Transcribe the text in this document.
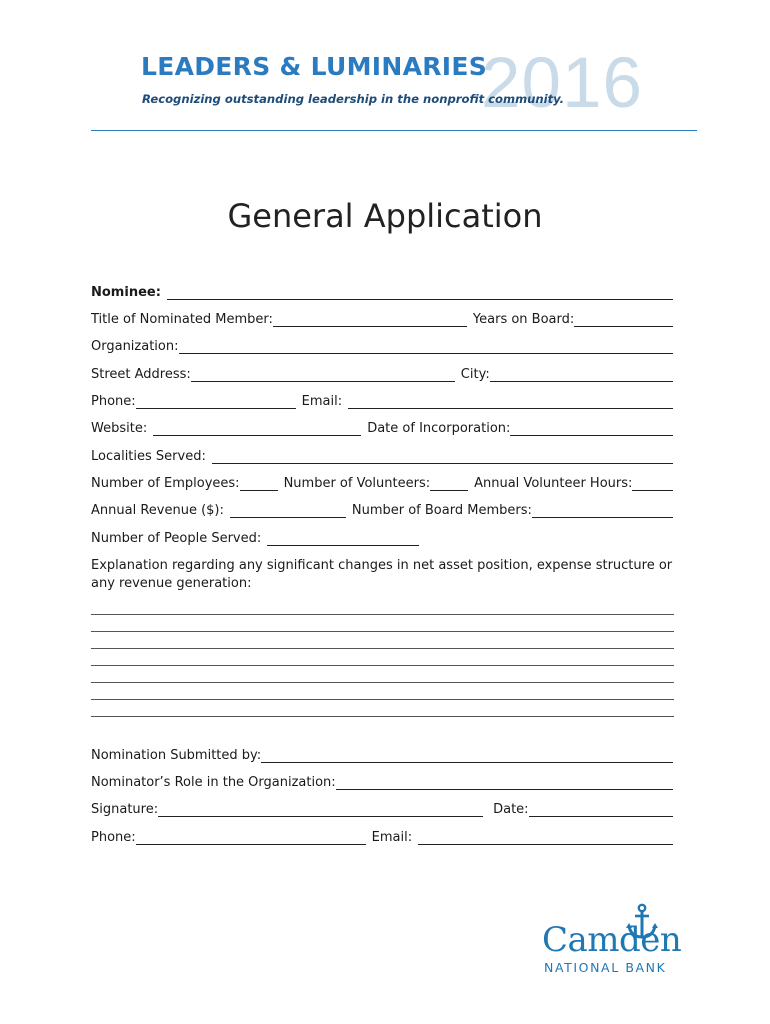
2016
LEADERS & LUMINARIES
Recognizing outstanding leadership in the nonprofit community.
General Application
Nominee:
Title of Nominated Member:	Years on Board:
Organization:
Street Address:	City:
Phone:	Email:
Website:	Date of Incorporation:
Localities Served:
Number of Employees:	Number of Volunteers:	Annual Volunteer Hours:
Annual Revenue ($):	Number of Board Members:
Number of People Served:
Explanation regarding any significant changes in net asset position, expense structure or any revenue generation:
Nomination Submitted by:
Nominator’s Role in the Organization:
Signature:	Date:
Phone:	Email:
Camden
NATIONAL BANK
